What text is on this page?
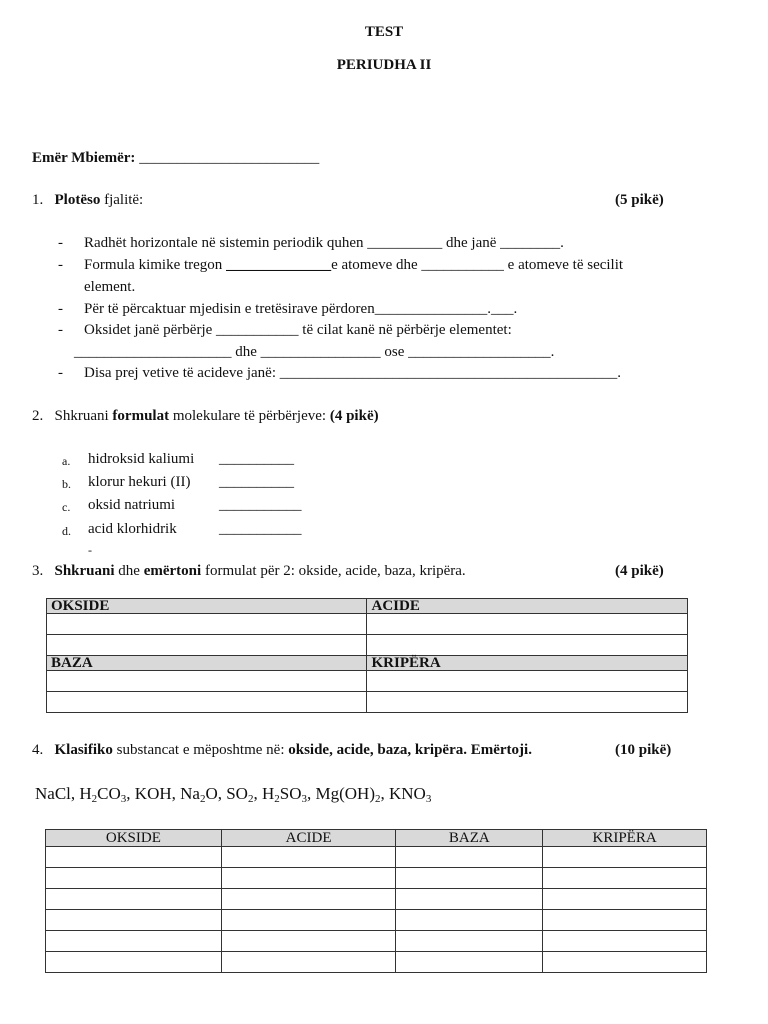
TEST
PERIUDHA II
Emër Mbiemër: ________________________
1. Plotëso fjalitë:	(5 pikë)
- Radhët horizontale në sistemin periodik quhen __________ dhe janë ________.
- Formula kimike tregon ______________e atomeve dhe ___________ e atomeve të secilit
element.
- Për të përcaktuar mjedisin e tretësirave përdoren_______________.___.
- Oksidet janë përbërje ___________ të cilat kanë në përbërje elementet:
_____________________ dhe ________________ ose ___________________.
- Disa prej vetive të acideve janë: _____________________________________________.
2. Shkruani formulat molekulare të përbërjeve: (4 pikë)
a. hidroksid kaliumi __________
b. klorur hekuri (II) __________
c. oksid natriumi	___________
d. acid klorhidrik	___________
-
3. Shkruani dhe emërtoni formulat për 2: okside, acide, baza, kripëra.	(4 pikë)
OKSIDE	ACIDE

BAZA	KRIPËRA

4. Klasifiko substancat e mëposhtme në: okside, acide, baza, kripëra. Emërtoji.	(10 pikë)
NaCl, $H_2CO_3$, KOH, $Na_2O$, $SO_2$, $H_2SO_3$, $Mg(OH)_2$, $KNO_3$
OKSIDE	ACIDE	BAZA	KRIPËRA
